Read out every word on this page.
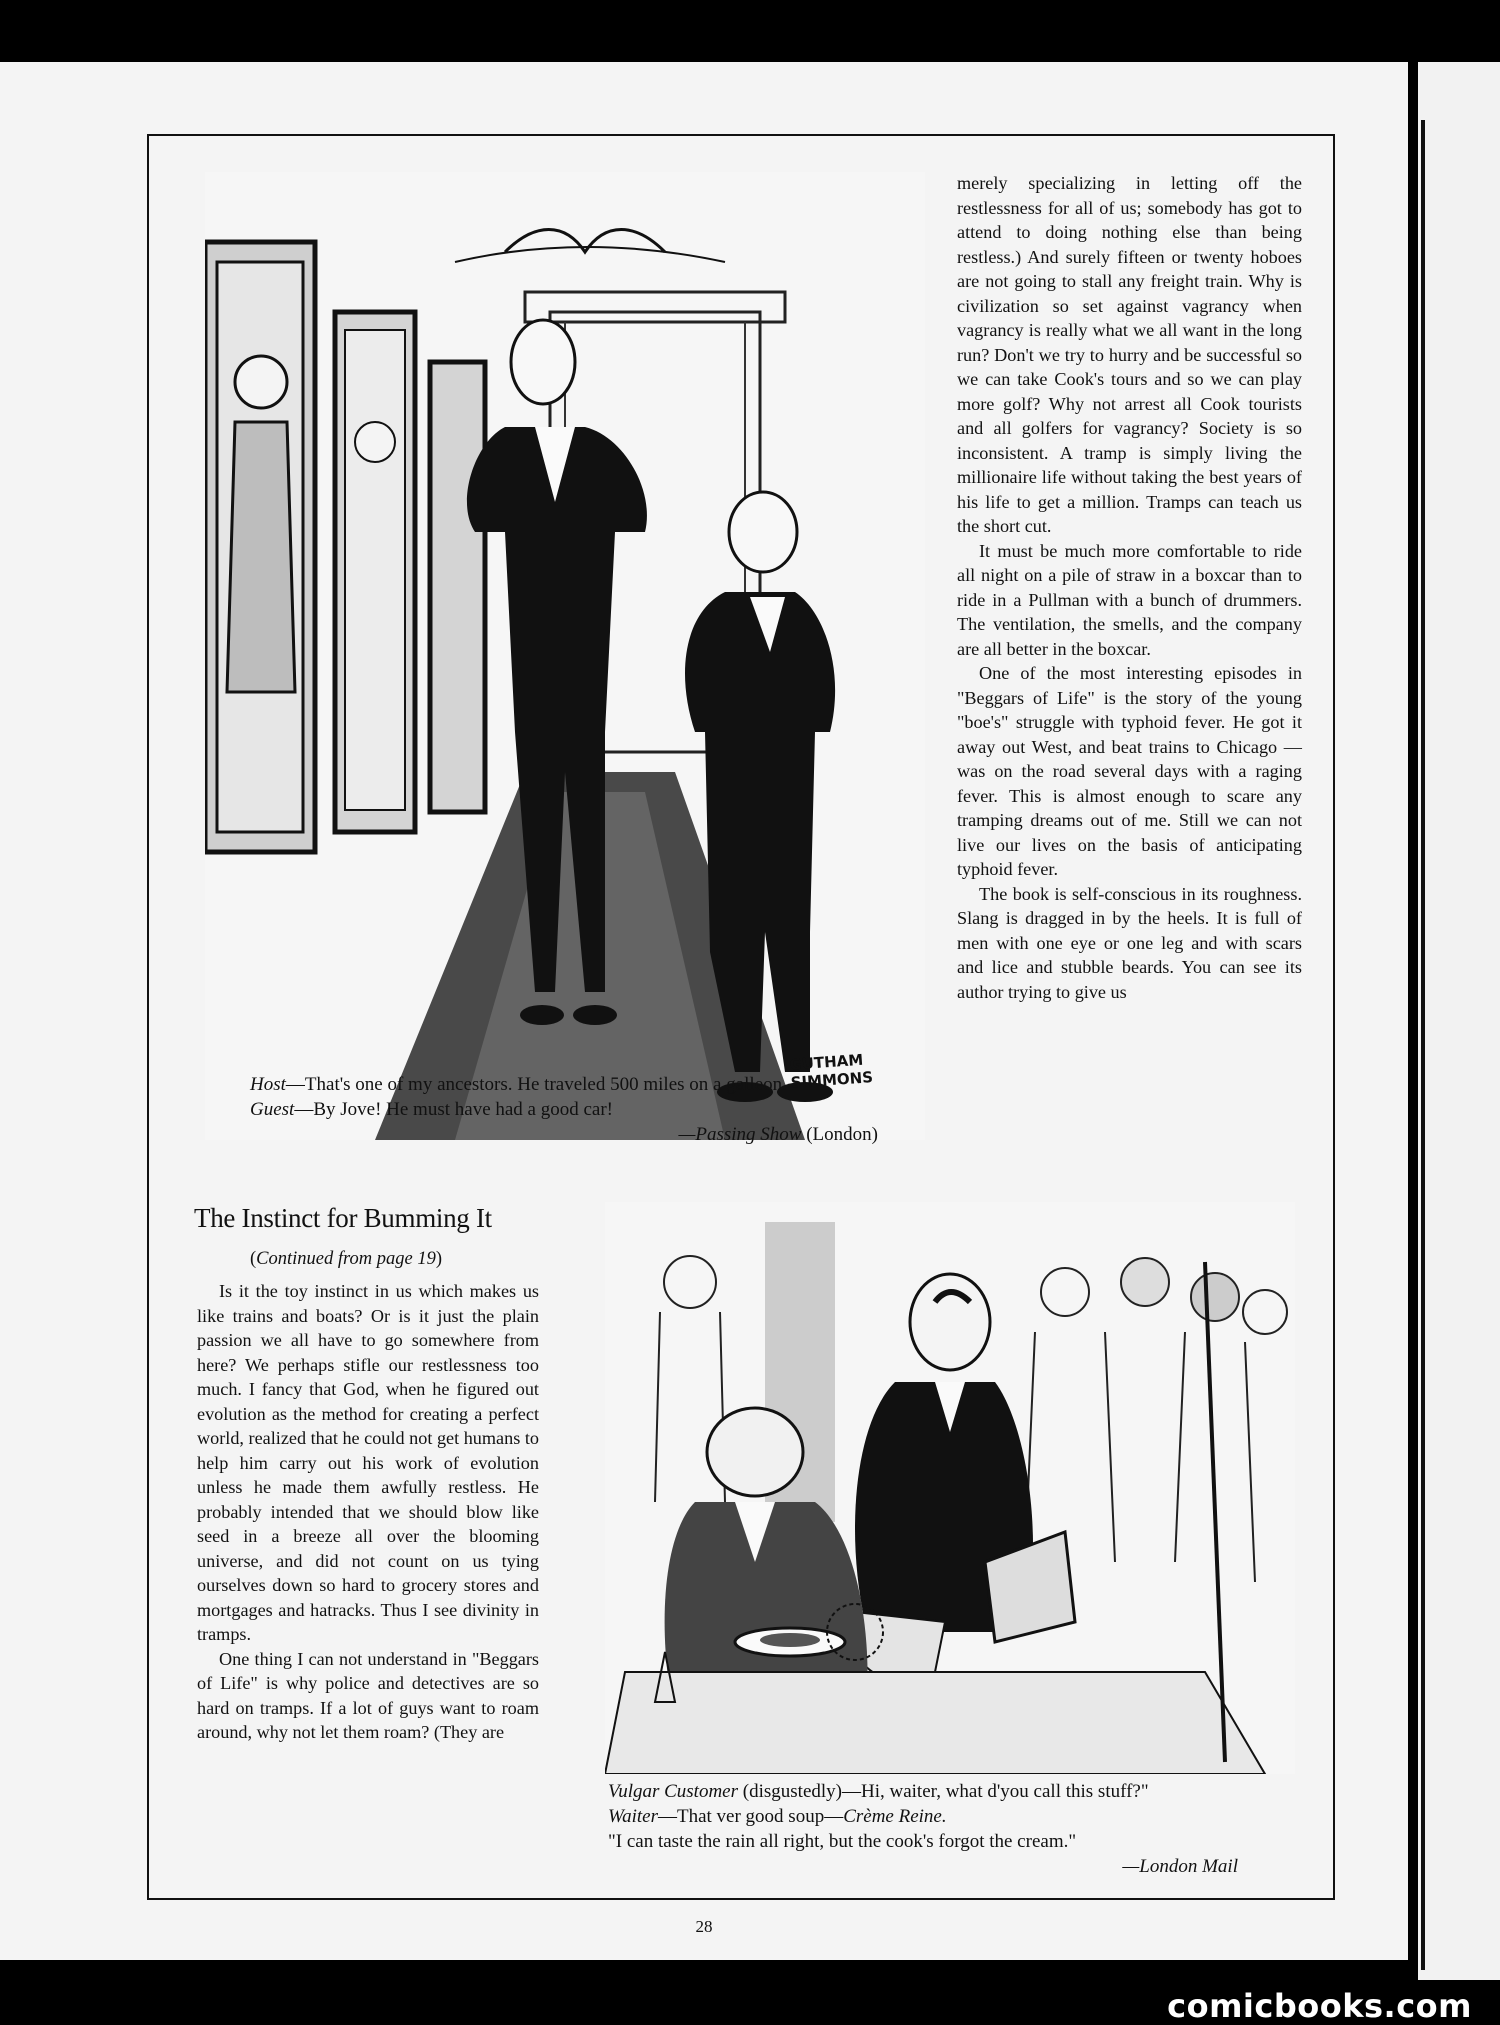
GUTHAM SIMMONS

Host—That's one of my ancestors. He traveled 500 miles on a galleon.

Guest—By Jove! He must have had a good car!

—Passing Show (London)

merely specializing in letting off the restlessness for all of us; somebody has got to attend to doing nothing else than being restless.) And surely fifteen or twenty hoboes are not going to stall any freight train. Why is civilization so set against vagrancy when vagrancy is really what we all want in the long run? Don't we try to hurry and be successful so we can take Cook's tours and so we can play more golf? Why not arrest all Cook tourists and all golfers for vagrancy? Society is so inconsistent. A tramp is simply living the millionaire life without taking the best years of his life to get a million. Tramps can teach us the short cut.

It must be much more comfortable to ride all night on a pile of straw in a boxcar than to ride in a Pullman with a bunch of drummers. The ventilation, the smells, and the company are all better in the boxcar.

One of the most interesting episodes in "Beggars of Life" is the story of the young "boe's" struggle with typhoid fever. He got it away out West, and beat trains to Chicago —was on the road several days with a raging fever. This is almost enough to scare any tramping dreams out of me. Still we can not live our lives on the basis of anticipating typhoid fever.

The book is self-conscious in its roughness. Slang is dragged in by the heels. It is full of men with one eye or one leg and with scars and lice and stubble beards. You can see its author trying to give us

The Instinct for Bumming It
(Continued from page 19)

Is it the toy instinct in us which makes us like trains and boats? Or is it just the plain passion we all have to go somewhere from here? We perhaps stifle our restlessness too much. I fancy that God, when he figured out evolution as the method for creating a perfect world, realized that he could not get humans to help him carry out his work of evolution unless he made them awfully restless. He probably intended that we should blow like seed in a breeze all over the blooming universe, and did not count on us tying ourselves down so hard to grocery stores and mortgages and hatracks. Thus I see divinity in tramps.

One thing I can not understand in "Beggars of Life" is why police and detectives are so hard on tramps. If a lot of guys want to roam around, why not let them roam? (They are

Vulgar Customer (disgustedly)—Hi, waiter, what d'you call this stuff?"

Waiter—That ver good soup—Crème Reine.

"I can taste the rain all right, but the cook's forgot the cream."

—London Mail

28
comicbooks.com
